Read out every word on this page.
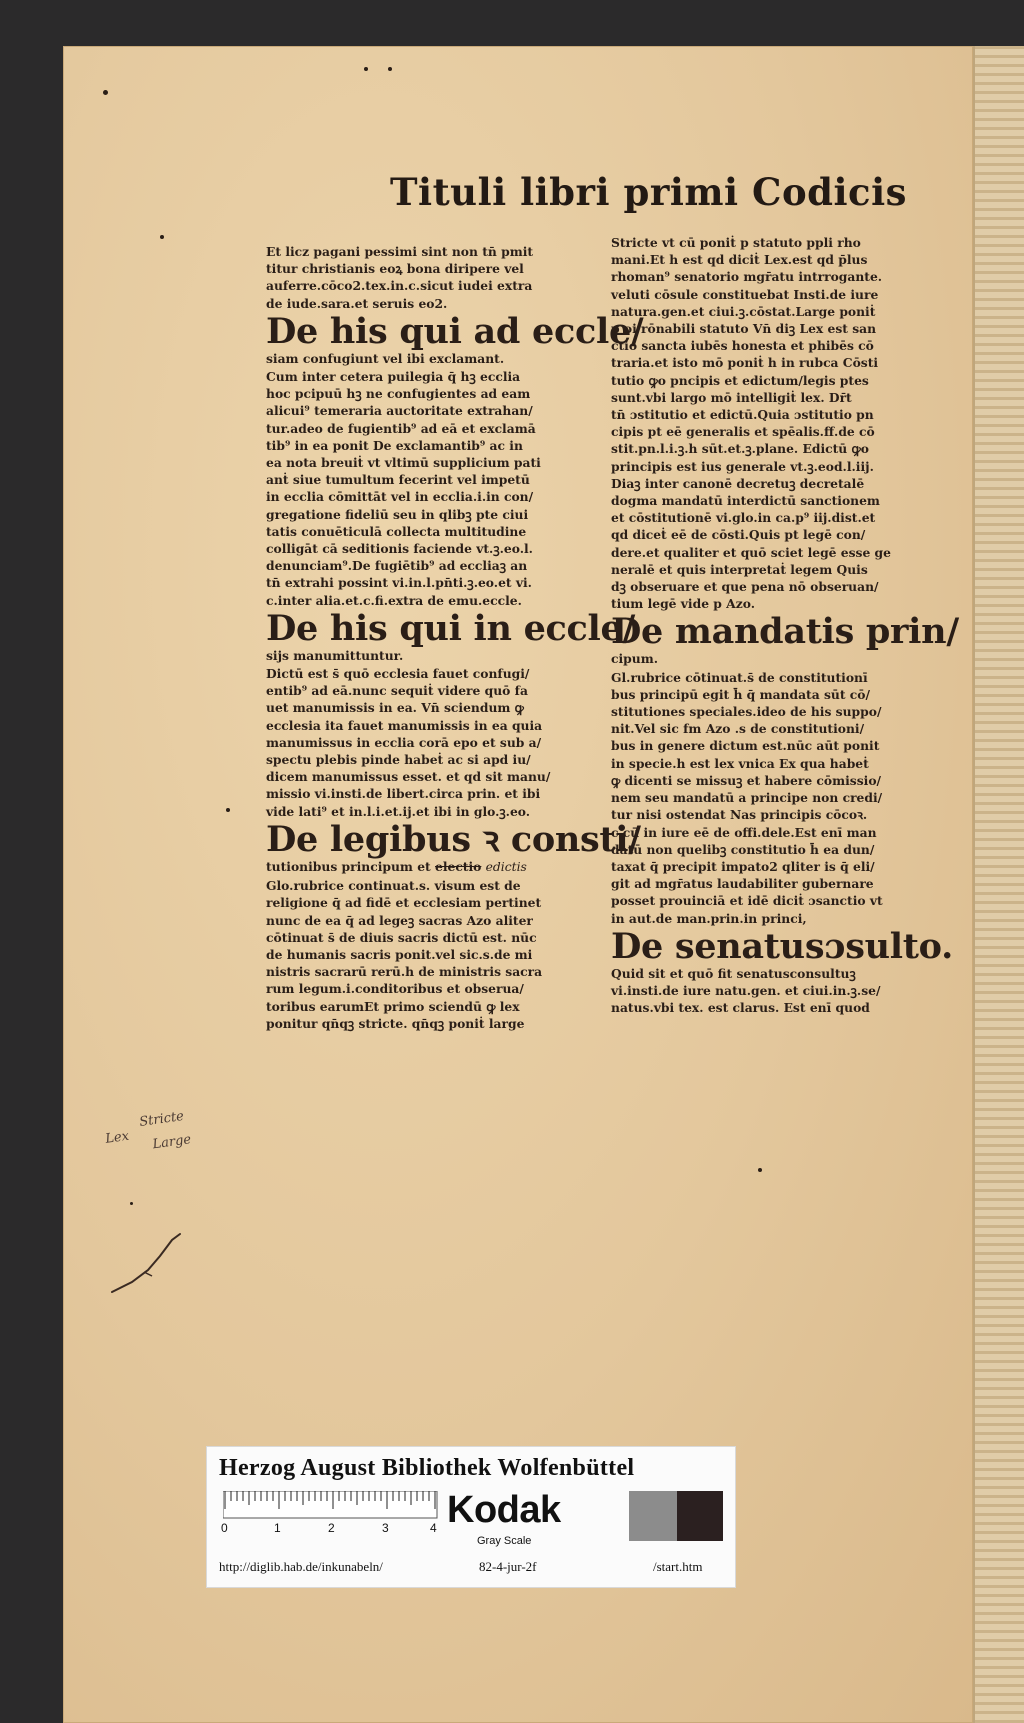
Tituli libri primi Codicis

Et licz pagani pessimi sint non tn̄ pmit
titur christianis eoꝝ bona diripere vel
auferre.cōco2.tex.in.c.sicut iudei extra
de iude.sara.et seruis eo2.

De his qui ad eccle∕

siam confugiunt vel ibi exclamant.

Cum inter cetera puilegia q̄ hꝫ ecclia
hoc pcipuū hꝫ ne confugientes ad eam
alicui⁹ temeraria auctoritate extrahan/
tur.adeo de fugientib⁹ ad eā et exclamā
tib⁹ in ea ponit De exclamantib⁹ ac in
ea nota breuiṫ vt vltimū supplicium pati
anṫ siue tumultum fecerint vel impetū
in ecclia cōmittāt vel in ecclia.i.in con/
gregatione fideliū seu in qlibꝫ pte ciui
tatis conuēticulā collecta multitudine
colligāt cā seditionis faciende vt.ꝫ.eo.l.
denunciam⁹.De fugiētib⁹ ad eccliaꝫ an
tn̄ extrahi possint vi.in.l.pn̄ti.ꝫ.eo.et vi.
c.inter alia.et.c.fi.extra de emu.eccle.

De his qui in eccle∕

sijs manumittuntur.

Dictū est s̄ quō ecclesia fauet confugi/
entib⁹ ad eā.nunc sequiṫ videre quō fa
uet manumissis in ea. Vn̄ sciendum ꝙ
ecclesia ita fauet manumissis in ea quia
manumissus in ecclia corā epo et sub a/
spectu plebis pinde habeṫ ac si apd iu/
dicem manumissus esset. et qd sit manu/
missio vi.insti.de libert.circa prin. et ibi
vide lati⁹ et in.l.i.et.ij.et ibi in glo.ꝫ.eo.

De legibus ꝛ consti∕

tutionibus principum et electio edictis

Glo.rubrice continuat.s. visum est de
religione q̄ ad fidē et ecclesiam pertinet
nunc de ea q̄ ad legeꝫ sacras Azo aliter
cōtinuat s̄ de diuis sacris dictū est. nūc
de humanis sacris ponit.vel sic.s.de mi
nistris sacrarū rerū.h de ministris sacra
rum legum.i.conditoribus et obserua/
toribus earumEt primo sciendū ꝙ lex
ponitur qn̄qꝫ stricte. qn̄qꝫ poniṫ large

Stricte vt cū poniṫ p statuto ppli rho
mani.Et h est qd diciṫ Lex.est qd p̄lus
rhoman⁹ senatorio mgr̄atu intrrogante.
veluti cōsule constituebat Insti.de iure
natura.gen.et ciui.ꝫ.cōstat.Large poniṫ
p oi rōnabili statuto Vn̄ diꝫ Lex est san
ctio sancta iubēs honesta et phibēs cō
traria.et isto mō poniṫ h in rubca Cōsti
tutio ꝙo pncipis et edictum/legis ptes
sunt.vbi largo mō intelligiṫ lex. Dr̄t
tn̄ ɔstitutio et edictū.Quia ɔstitutio pn
cipis pt eē generalis et spēalis.ff.de cō
stit.pn.l.i.ꝫ.h sūt.et.ꝫ.plane. Edictū ꝙo
principis est ius generale vt.ꝫ.eod.l.iij.
Diaꝫ inter canonē decretuꝫ decretalē
dogma mandatū interdictū sanctionem
et cōstitutionē vi.glo.in ca.p⁹ iij.dist.et
qd diceṫ eē de cōsti.Quis pt legē con/
dere.et qualiter et quō sciet legē esse ge
neralē et quis interpretaṫ legem Quis
dꝫ obseruare et que pena nō obseruan/
tium legē vide p Azo.

De mandatis prin∕

cipum.

Gl.rubrice cōtinuat.s̄ de constitutionī
bus principū egit h̄ q̄ mandata sūt cō/
stitutiones speciales.ideo de his suppo/
nit.Vel sic fm Azo .s de constitutioni/
bus in genere dictum est.nūc aūt ponit
in specie.h est lex vnica Ex qua habeṫ
ꝙ dicenti se missuꝫ et habere cōmissio/
nem seu mandatū a principe non credi/
tur nisi ostendat Nas principis cōcoꝛ.
c.cū in iure eē de offi.dele.Est enī man
datū non quelibꝫ constitutio h̄ ea dun/
taxat q̄ precipit impato2 qliter is q̄ eli/
git ad mgr̄atus laudabiliter gubernare
posset prouinciā et idē diciṫ ɔsanctio vt
in aut.de man.prin.in princi,

De senatusɔsulto.

Quid sit et quō fit senatusconsultuꝫ
vi.insti.de iure natu.gen. et ciui.in.ꝫ.se/
natus.vbi tex. est clarus. Est enī quod

Lex
Stricte
Large
Herzog August Bibliothek Wolfenbüttel
0	1	2	3	4 Kodak
Gray Scale
http://diglib.hab.de/inkunabeln/	82-4-jur-2f	/start.htm
